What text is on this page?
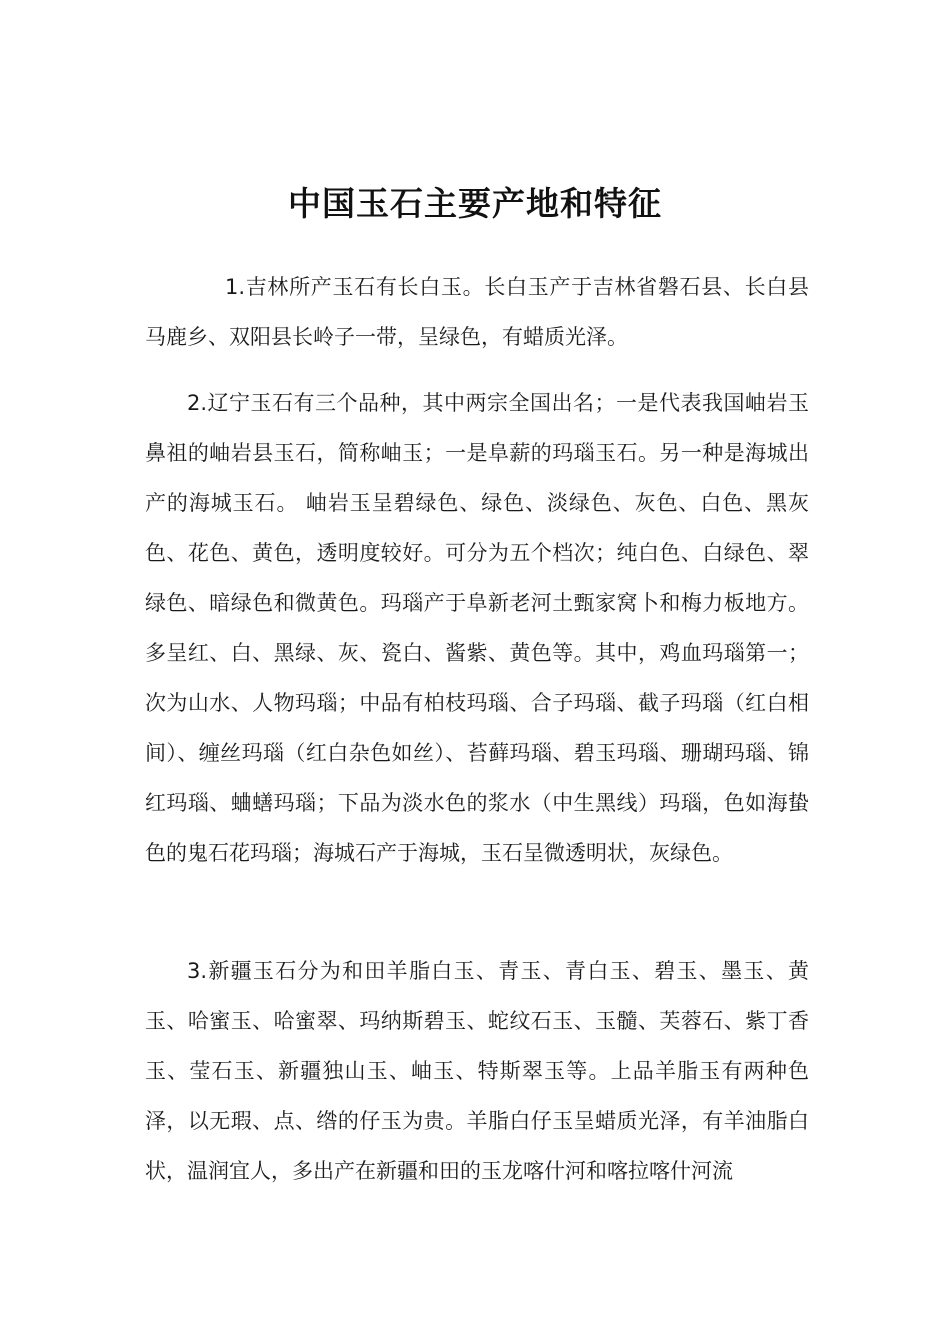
中国玉石主要产地和特征

1.吉林所产玉石有长白玉。长白玉产于吉林省磐石县、长白县马鹿乡、双阳县长岭子一带，呈绿色，有蜡质光泽。

2.辽宁玉石有三个品种，其中两宗全国出名；一是代表我国岫岩玉鼻祖的岫岩县玉石，简称岫玉；一是阜薪的玛瑙玉石。另一种是海城出产的海城玉石。 岫岩玉呈碧绿色、绿色、淡绿色、灰色、白色、黑灰色、花色、黄色，透明度较好。可分为五个档次；纯白色、白绿色、翠绿色、暗绿色和微黄色。玛瑙产于阜新老河土甄家窝卜和梅力板地方。多呈红、白、黑绿、灰、瓷白、酱紫、黄色等。其中，鸡血玛瑙第一；次为山水、人物玛瑙；中品有柏枝玛瑙、合子玛瑙、截子玛瑙（红白相间）、缠丝玛瑙（红白杂色如丝）、苔藓玛瑙、碧玉玛瑙、珊瑚玛瑙、锦红玛瑙、蛐蟮玛瑙；下品为淡水色的浆水（中生黑线）玛瑙，色如海蛰色的鬼石花玛瑙；海城石产于海城，玉石呈微透明状，灰绿色。

3.新疆玉石分为和田羊脂白玉、青玉、青白玉、碧玉、墨玉、黄玉、哈蜜玉、哈蜜翠、玛纳斯碧玉、蛇纹石玉、玉髓、芙蓉石、紫丁香玉、莹石玉、新疆独山玉、岫玉、特斯翠玉等。上品羊脂玉有两种色泽，以无瑕、点、绺的仔玉为贵。羊脂白仔玉呈蜡质光泽，有羊油脂白状，温润宜人，多出产在新疆和田的玉龙喀什河和喀拉喀什河流
